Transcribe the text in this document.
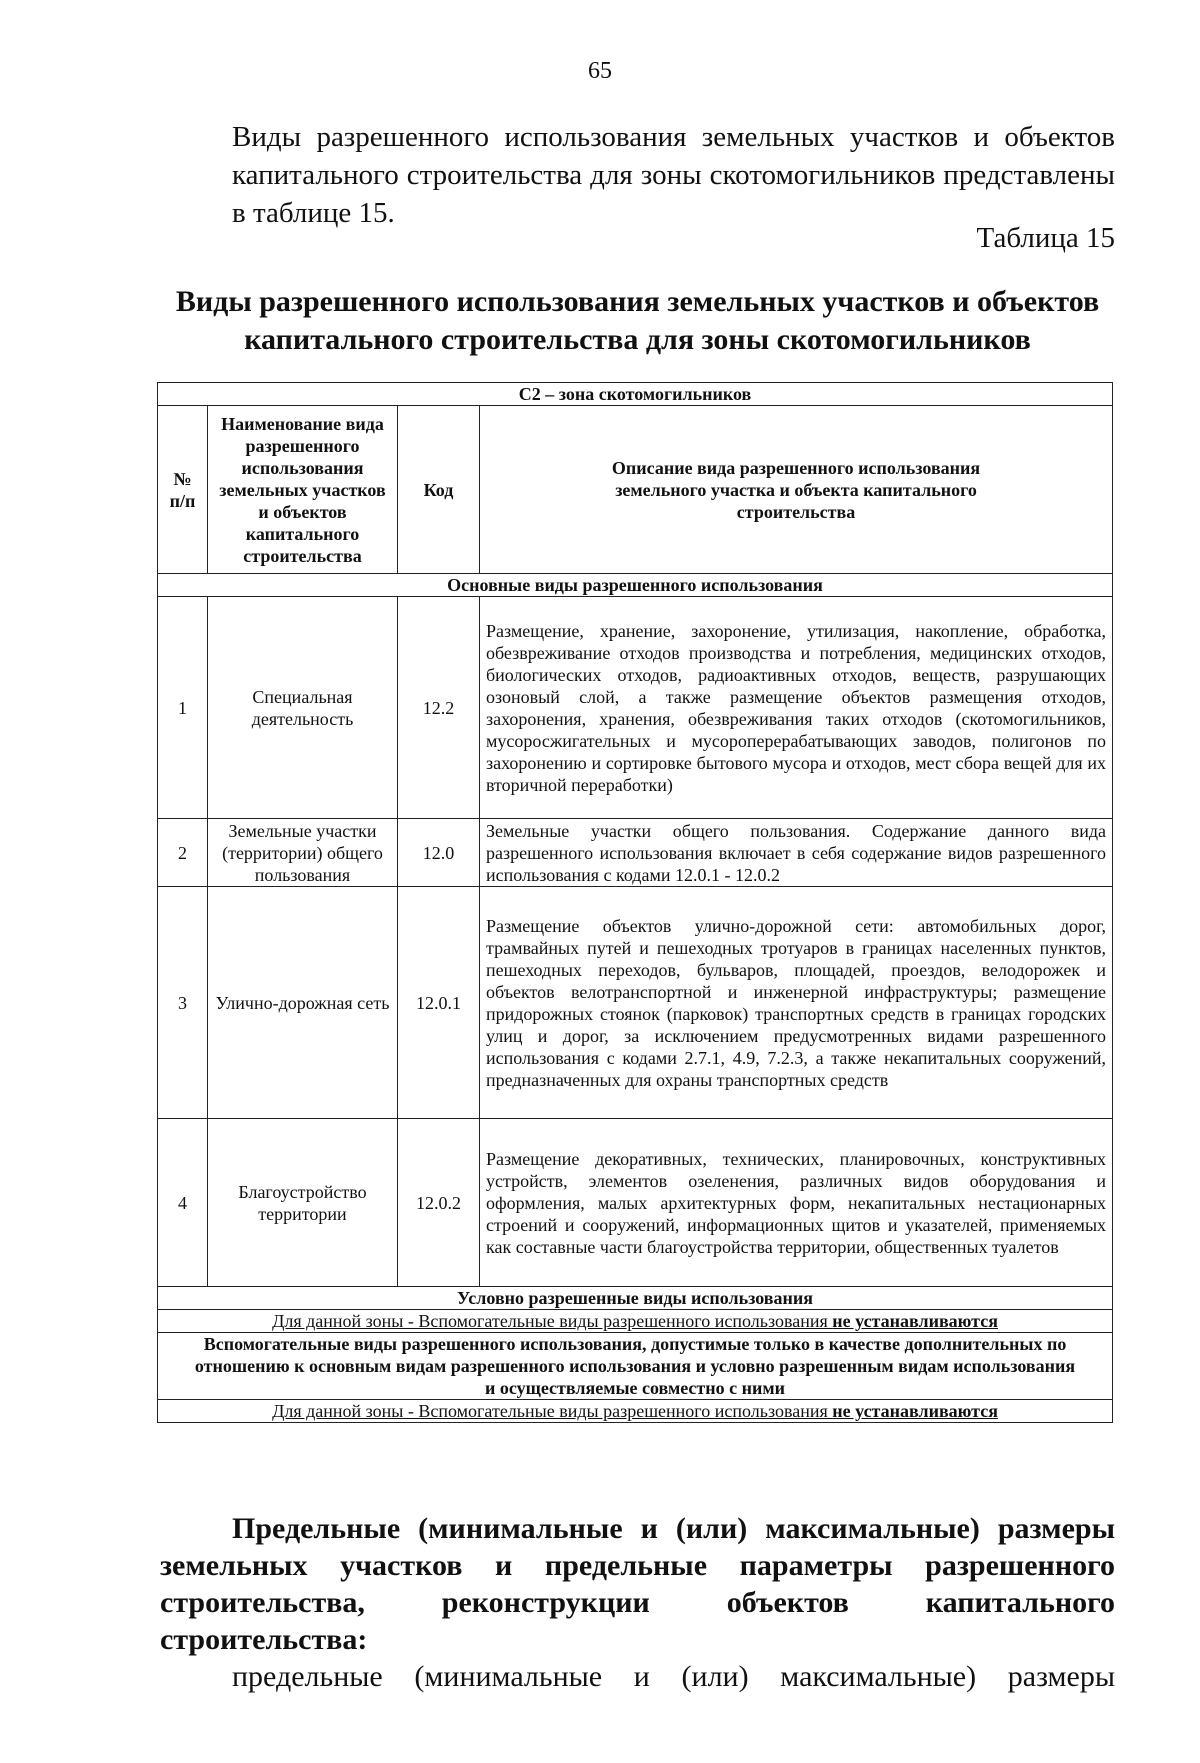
65
Виды разрешенного использования земельных участков и объектов капитального строительства для зоны скотомогильников представлены в таблице 15.
Таблица 15
Виды разрешенного использования земельных участков и объектов
капитального строительства для зоны скотомогильников
С2 – зона скотомогильников			
№ п/п	Наименование вида разрешенного использования земельных участков и объектов капитального строительства	Код	Описание вида разрешенного использования земельного участка и объекта капитального строительства
Основные виды разрешенного использования			
1	Специальная деятельность	12.2	Размещение, хранение, захоронение, утилизация, накопление, обработка, обезвреживание отходов производства и потребления, медицинских отходов, биологических отходов, радиоактивных отходов, веществ, разрушающих озоновый слой, а также размещение объектов размещения отходов, захоронения, хранения, обезвреживания таких отходов (скотомогильников, мусоросжигательных и мусороперерабатывающих заводов, полигонов по захоронению и сортировке бытового мусора и отходов, мест сбора вещей для их вторичной переработки)
2	Земельные участки (территории) общего пользования	12.0	Земельные участки общего пользования. Содержание данного вида разрешенного использования включает в себя содержание видов разрешенного использования с кодами 12.0.1 - 12.0.2
3	Улично-дорожная сеть	12.0.1	Размещение объектов улично-дорожной сети: автомобильных дорог, трамвайных путей и пешеходных тротуаров в границах населенных пунктов, пешеходных переходов, бульваров, площадей, проездов, велодорожек и объектов велотранспортной и инженерной инфраструктуры; размещение придорожных стоянок (парковок) транспортных средств в границах городских улиц и дорог, за исключением предусмотренных видами разрешенного использования с кодами 2.7.1, 4.9, 7.2.3, а также некапитальных сооружений, предназначенных для охраны транспортных средств
4	Благоустройство территории	12.0.2	Размещение декоративных, технических, планировочных, конструктивных устройств, элементов озеленения, различных видов оборудования и оформления, малых архитектурных форм, некапитальных нестационарных строений и сооружений, информационных щитов и указателей, применяемых как составные части благоустройства территории, общественных туалетов
Условно разрешенные виды использования			
Для данной зоны - Вспомогательные виды разрешенного использования не устанавливаются			
Вспомогательные виды разрешенного использования, допустимые только в качестве дополнительных по отношению к основным видам разрешенного использования и условно разрешенным видам использования и осуществляемые совместно с ними			
Для данной зоны - Вспомогательные виды разрешенного использования не устанавливаются			
Предельные (минимальные и (или) максимальные) размеры
земельных участков и предельные параметры разрешенного
строительства, реконструкции объектов капитального строительства:
предельные (минимальные и (или) максимальные) размеры
